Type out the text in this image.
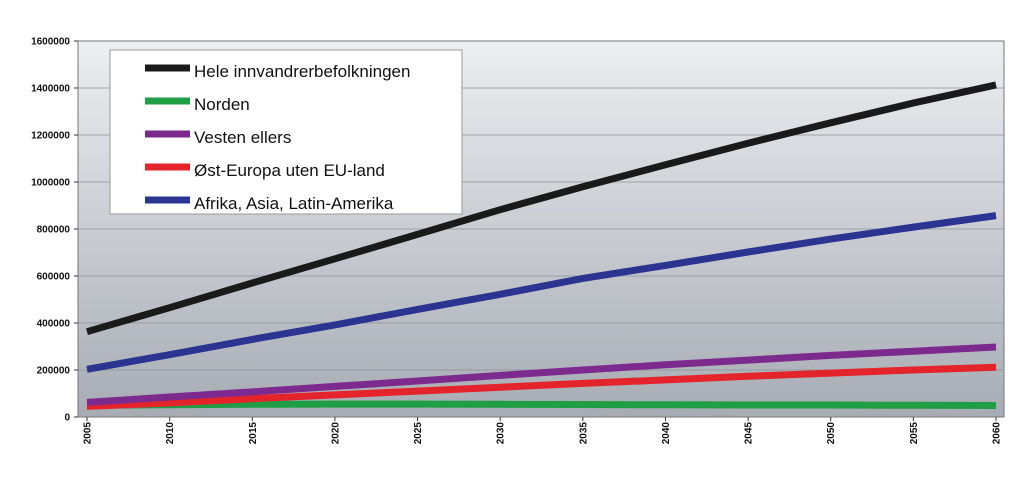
0
200000
400000
600000
800000
1000000
1200000
1400000
1600000
2005	2010	2015	2020	2025	2030	2035	2040	2045	2050	2055	2060
Hele innvandrerbefolkningen
Norden
Vesten ellers
Øst-Europa uten EU-land
Afrika, Asia, Latin-Amerika
